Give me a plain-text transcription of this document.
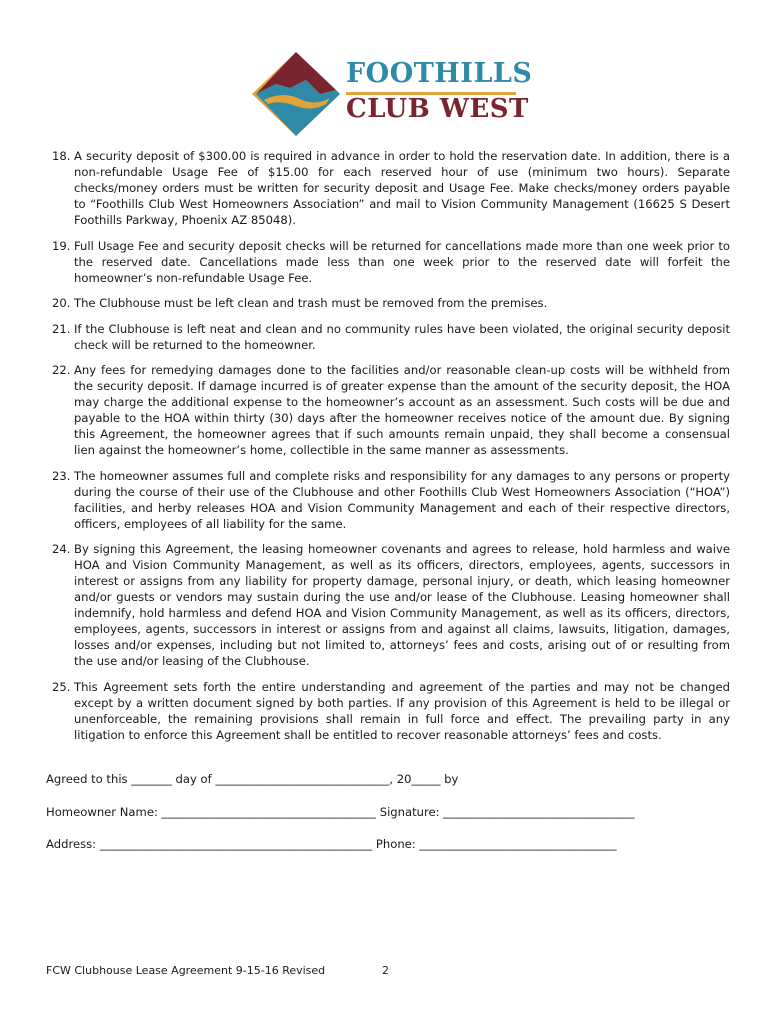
FOOTHILLS
CLUB WEST
18. A security deposit of $300.00 is required in advance in order to hold the reservation date. In addition, there is a non-refundable Usage Fee of $15.00 for each reserved hour of use (minimum two hours). Separate checks/money orders must be written for security deposit and Usage Fee. Make checks/money orders payable to “Foothills Club West Homeowners Association” and mail to Vision Community Management (16625 S Desert Foothills Parkway, Phoenix AZ 85048).
19. Full Usage Fee and security deposit checks will be returned for cancellations made more than one week prior to the reserved date. Cancellations made less than one week prior to the reserved date will forfeit the homeowner’s non-refundable Usage Fee.
20. The Clubhouse must be left clean and trash must be removed from the premises.
21. If the Clubhouse is left neat and clean and no community rules have been violated, the original security deposit check will be returned to the homeowner.
22. Any fees for remedying damages done to the facilities and/or reasonable clean-up costs will be withheld from the security deposit. If damage incurred is of greater expense than the amount of the security deposit, the HOA may charge the additional expense to the homeowner’s account as an assessment. Such costs will be due and payable to the HOA within thirty (30) days after the homeowner receives notice of the amount due. By signing this Agreement, the homeowner agrees that if such amounts remain unpaid, they shall become a consensual lien against the homeowner’s home, collectible in the same manner as assessments.
23. The homeowner assumes full and complete risks and responsibility for any damages to any persons or property during the course of their use of the Clubhouse and other Foothills Club West Homeowners Association (“HOA”) facilities, and herby releases HOA and Vision Community Management and each of their respective directors, officers, employees of all liability for the same.
24. By signing this Agreement, the leasing homeowner covenants and agrees to release, hold harmless and waive HOA and Vision Community Management, as well as its officers, directors, employees, agents, successors in interest or assigns from any liability for property damage, personal injury, or death, which leasing homeowner and/or guests or vendors may sustain during the use and/or lease of the Clubhouse. Leasing homeowner shall indemnify, hold harmless and defend HOA and Vision Community Management, as well as its officers, directors, employees, agents, successors in interest or assigns from and against all claims, lawsuits, litigation, damages, losses and/or expenses, including but not limited to, attorneys’ fees and costs, arising out of or resulting from the use and/or leasing of the Clubhouse.
25. This Agreement sets forth the entire understanding and agreement of the parties and may not be changed except by a written document signed by both parties. If any provision of this Agreement is held to be illegal or unenforceable, the remaining provisions shall remain in full force and effect. The prevailing party in any litigation to enforce this Agreement shall be entitled to recover reasonable attorneys’ fees and costs.
Agreed to this _______ day of ______________________________, 20_____ by
Homeowner Name: _____________________________________ Signature: _________________________________
Address: _______________________________________________ Phone: __________________________________
FCW Clubhouse Lease Agreement 9-15-16 Revised	2
